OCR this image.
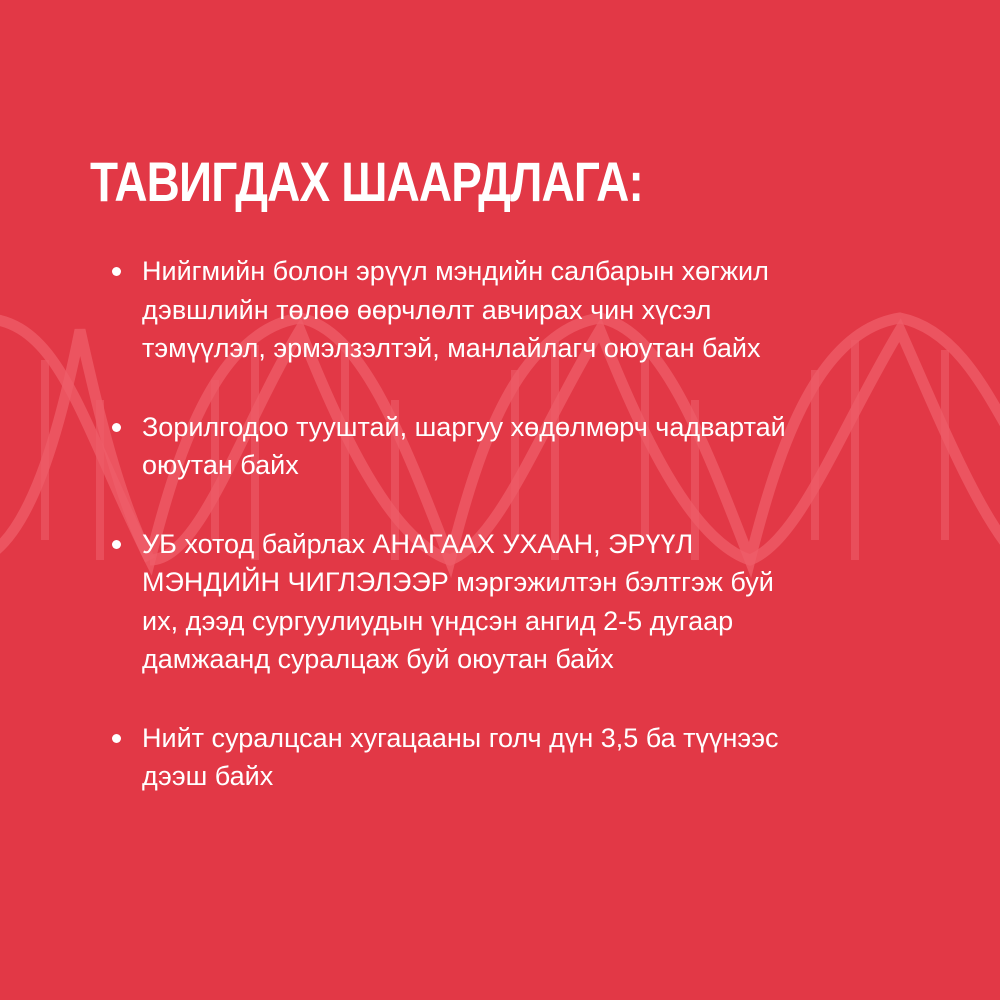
ТАВИГДАХ ШААРДЛАГА:
Нийгмийн болон эрүүл мэндийн салбарын хөгжил
дэвшлийн төлөө өөрчлөлт авчирах чин хүсэл
тэмүүлэл, эрмэлзэлтэй, манлайлагч оюутан байх
Зорилгодоо тууштай, шаргуу хөдөлмөрч чадвартай
оюутан байх
УБ хотод байрлах АНАГААХ УХААН, ЭРҮҮЛ
МЭНДИЙН ЧИГЛЭЛЭЭР мэргэжилтэн бэлтгэж буй
их, дээд сургуулиудын үндсэн ангид 2-5 дугаар
дамжаанд суралцаж буй оюутан байх
Нийт суралцсан хугацааны голч дүн 3,5 ба түүнээс
дээш байх
